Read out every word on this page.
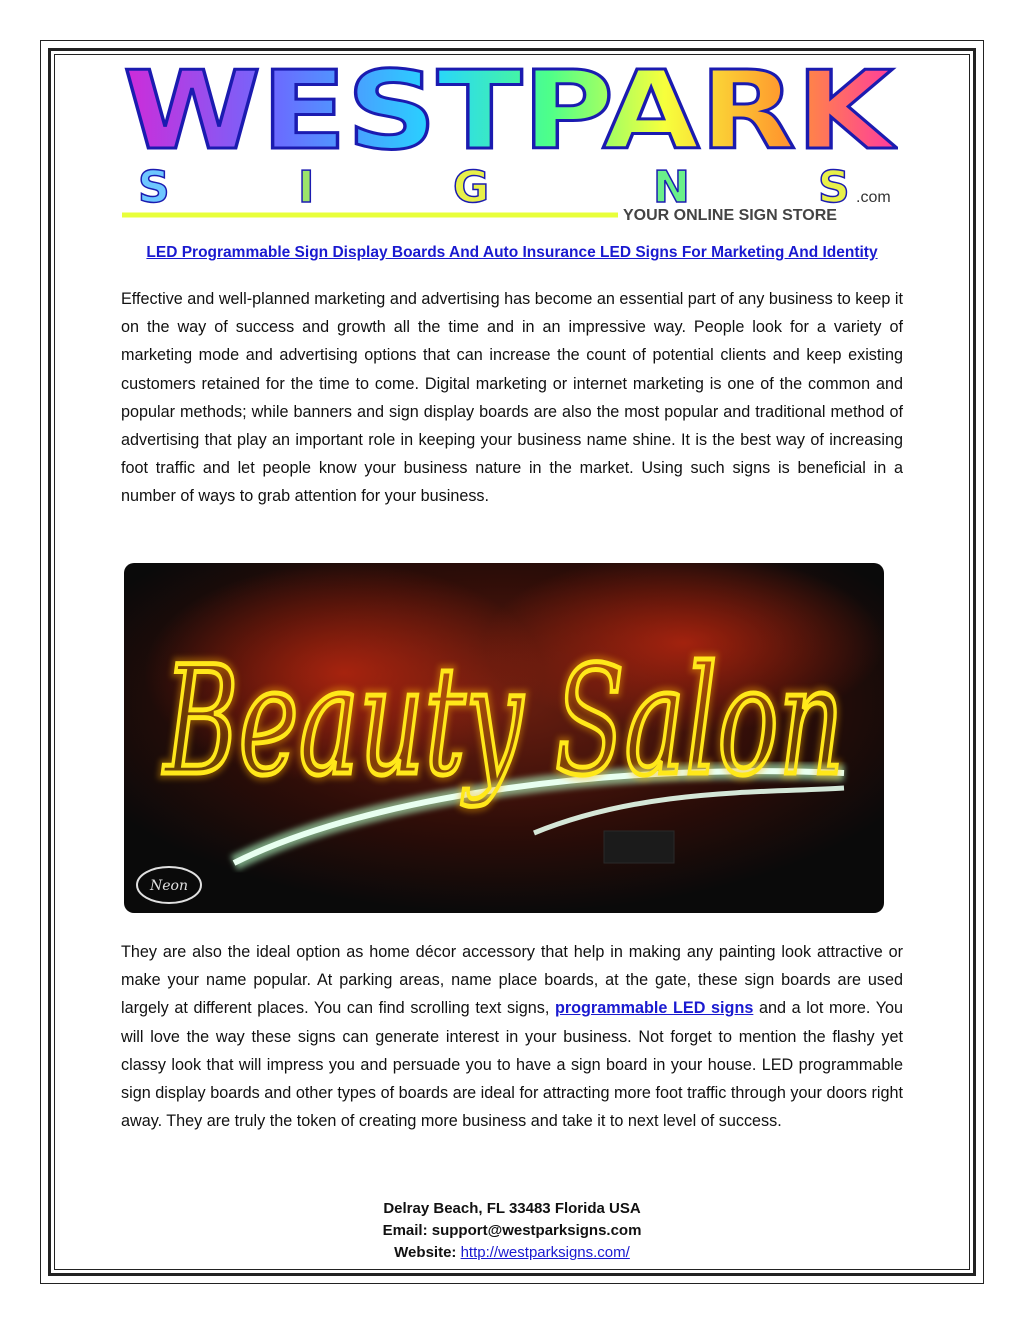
WESTPARK
S	I	G	N	S .com
YOUR ONLINE SIGN STORE
LED Programmable Sign Display Boards And Auto Insurance LED Signs For Marketing And Identity

Effective and well-planned marketing and advertising has become an essential part of any business to keep it on the way of success and growth all the time and in an impressive way. People look for a variety of marketing mode and advertising options that can increase the count of potential clients and keep existing customers retained for the time to come. Digital marketing or internet marketing is one of the common and popular methods; while banners and sign display boards are also the most popular and traditional method of advertising that play an important role in keeping your business name shine. It is the best way of increasing foot traffic and let people know your business nature in the market. Using such signs is beneficial in a number of ways to grab attention for your business.

Beauty Salon
Beauty Salon
Neon

They are also the ideal option as home décor accessory that help in making any painting look attractive or make your name popular. At parking areas, name place boards, at the gate, these sign boards are used largely at different places. You can find scrolling text signs, programmable LED signs and a lot more. You will love the way these signs can generate interest in your business. Not forget to mention the flashy yet classy look that will impress you and persuade you to have a sign board in your house. LED programmable sign display boards and other types of boards are ideal for attracting more foot traffic through your doors right away. They are truly the token of creating more business and take it to next level of success.

Delray Beach, FL 33483 Florida USA
Email: support@westparksigns.com
Website: http://westparksigns.com/
